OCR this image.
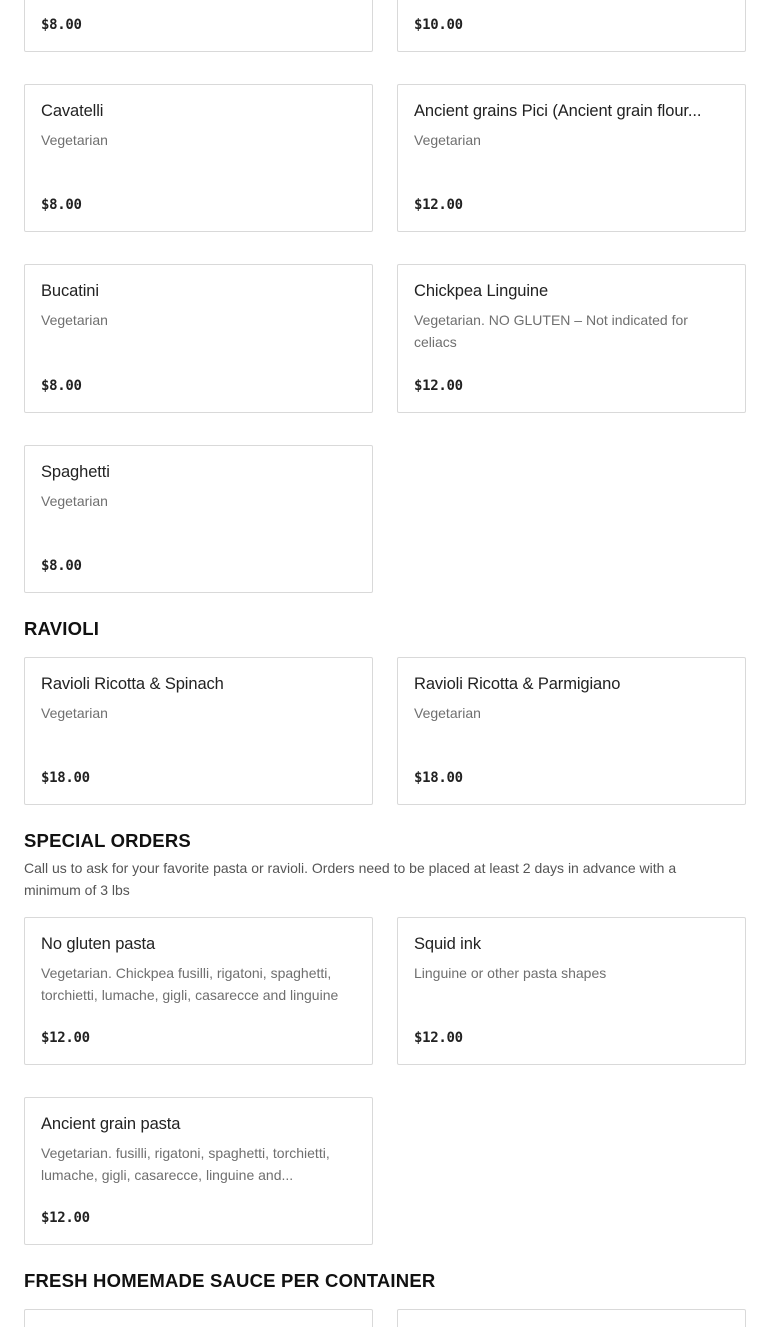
$8.00	$10.00
Cavatelli
Vegetarian
$8.00
Ancient grains Pici (Ancient grain flour...
Vegetarian
$12.00
Bucatini
Vegetarian
$8.00
Chickpea Linguine
Vegetarian. NO GLUTEN – Not indicated for celiacs
$12.00
Spaghetti
Vegetarian
$8.00
RAVIOLI
Ravioli Ricotta & Spinach
Vegetarian
$18.00
Ravioli Ricotta & Parmigiano
Vegetarian
$18.00
SPECIAL ORDERS

Call us to ask for your favorite pasta or ravioli. Orders need to be placed at least 2 days in advance with a minimum of 3 lbs

No gluten pasta
Vegetarian. Chickpea fusilli, rigatoni, spaghetti, torchietti, lumache, gigli, casarecce and linguine
$12.00
Squid ink
Linguine or other pasta shapes
$12.00
Ancient grain pasta
Vegetarian. fusilli, rigatoni, spaghetti, torchietti, lumache, gigli, casarecce, linguine and...
$12.00
FRESH HOMEMADE SAUCE PER CONTAINER
